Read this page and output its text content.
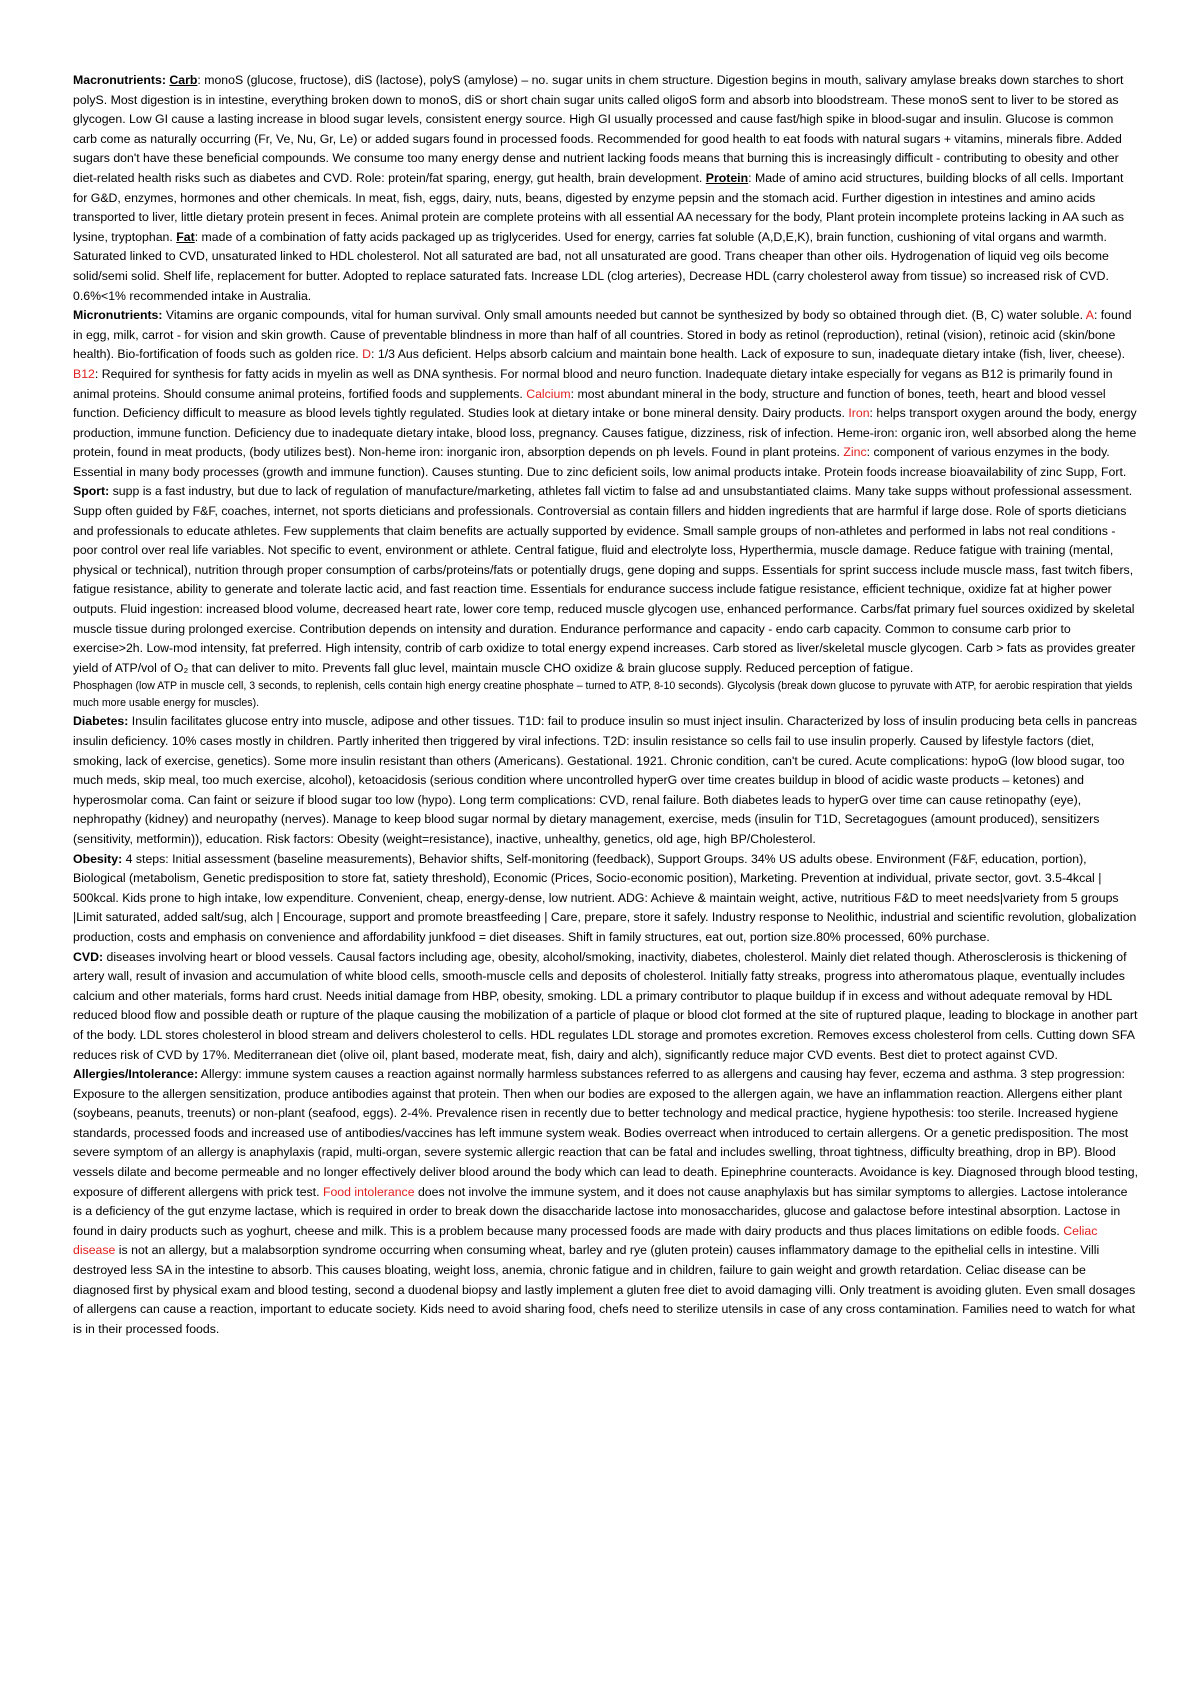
Macronutrients: Carb: monoS (glucose, fructose), diS (lactose), polyS (amylose) – no. sugar units in chem structure. Digestion begins in mouth, salivary amylase breaks down starches to short polyS. Most digestion is in intestine, everything broken down to monoS, diS or short chain sugar units called oligoS form and absorb into bloodstream. These monoS sent to liver to be stored as glycogen. Low GI cause a lasting increase in blood sugar levels, consistent energy source. High GI usually processed and cause fast/high spike in blood-sugar and insulin. Glucose is common carb come as naturally occurring (Fr, Ve, Nu, Gr, Le) or added sugars found in processed foods. Recommended for good health to eat foods with natural sugars + vitamins, minerals fibre. Added sugars don't have these beneficial compounds. We consume too many energy dense and nutrient lacking foods means that burning this is increasingly difficult - contributing to obesity and other diet-related health risks such as diabetes and CVD. Role: protein/fat sparing, energy, gut health, brain development. Protein: Made of amino acid structures, building blocks of all cells. Important for G&D, enzymes, hormones and other chemicals. In meat, fish, eggs, dairy, nuts, beans, digested by enzyme pepsin and the stomach acid. Further digestion in intestines and amino acids transported to liver, little dietary protein present in feces. Animal protein are complete proteins with all essential AA necessary for the body, Plant protein incomplete proteins lacking in AA such as lysine, tryptophan. Fat: made of a combination of fatty acids packaged up as triglycerides. Used for energy, carries fat soluble (A,D,E,K), brain function, cushioning of vital organs and warmth. Saturated linked to CVD, unsaturated linked to HDL cholesterol. Not all saturated are bad, not all unsaturated are good. Trans cheaper than other oils. Hydrogenation of liquid veg oils become solid/semi solid. Shelf life, replacement for butter. Adopted to replace saturated fats. Increase LDL (clog arteries), Decrease HDL (carry cholesterol away from tissue) so increased risk of CVD. 0.6%<1% recommended intake in Australia.

Micronutrients: Vitamins are organic compounds, vital for human survival. Only small amounts needed but cannot be synthesized by body so obtained through diet. (B, C) water soluble. A: found in egg, milk, carrot - for vision and skin growth. Cause of preventable blindness in more than half of all countries. Stored in body as retinol (reproduction), retinal (vision), retinoic acid (skin/bone health). Bio-fortification of foods such as golden rice. D: 1/3 Aus deficient. Helps absorb calcium and maintain bone health. Lack of exposure to sun, inadequate dietary intake (fish, liver, cheese). B12: Required for synthesis for fatty acids in myelin as well as DNA synthesis. For normal blood and neuro function. Inadequate dietary intake especially for vegans as B12 is primarily found in animal proteins. Should consume animal proteins, fortified foods and supplements. Calcium: most abundant mineral in the body, structure and function of bones, teeth, heart and blood vessel function. Deficiency difficult to measure as blood levels tightly regulated. Studies look at dietary intake or bone mineral density. Dairy products. Iron: helps transport oxygen around the body, energy production, immune function. Deficiency due to inadequate dietary intake, blood loss, pregnancy. Causes fatigue, dizziness, risk of infection. Heme-iron: organic iron, well absorbed along the heme protein, found in meat products, (body utilizes best). Non-heme iron: inorganic iron, absorption depends on ph levels. Found in plant proteins. Zinc: component of various enzymes in the body. Essential in many body processes (growth and immune function). Causes stunting. Due to zinc deficient soils, low animal products intake. Protein foods increase bioavailability of zinc Supp, Fort.

Sport: supp is a fast industry, but due to lack of regulation of manufacture/marketing, athletes fall victim to false ad and unsubstantiated claims. Many take supps without professional assessment. Supp often guided by F&F, coaches, internet, not sports dieticians and professionals. Controversial as contain fillers and hidden ingredients that are harmful if large dose. Role of sports dieticians and professionals to educate athletes. Few supplements that claim benefits are actually supported by evidence. Small sample groups of non-athletes and performed in labs not real conditions - poor control over real life variables. Not specific to event, environment or athlete. Central fatigue, fluid and electrolyte loss, Hyperthermia, muscle damage. Reduce fatigue with training (mental, physical or technical), nutrition through proper consumption of carbs/proteins/fats or potentially drugs, gene doping and supps. Essentials for sprint success include muscle mass, fast twitch fibers, fatigue resistance, ability to generate and tolerate lactic acid, and fast reaction time. Essentials for endurance success include fatigue resistance, efficient technique, oxidize fat at higher power outputs. Fluid ingestion: increased blood volume, decreased heart rate, lower core temp, reduced muscle glycogen use, enhanced performance. Carbs/fat primary fuel sources oxidized by skeletal muscle tissue during prolonged exercise. Contribution depends on intensity and duration. Endurance performance and capacity - endo carb capacity. Common to consume carb prior to exercise>2h. Low-mod intensity, fat preferred. High intensity, contrib of carb oxidize to total energy expend increases. Carb stored as liver/skeletal muscle glycogen. Carb > fats as provides greater yield of ATP/vol of O₂ that can deliver to mito. Prevents fall gluc level, maintain muscle CHO oxidize & brain glucose supply. Reduced perception of fatigue.

Phosphagen (low ATP in muscle cell, 3 seconds, to replenish, cells contain high energy creatine phosphate – turned to ATP, 8-10 seconds). Glycolysis (break down glucose to pyruvate with ATP, for aerobic respiration that yields much more usable energy for muscles).

Diabetes: Insulin facilitates glucose entry into muscle, adipose and other tissues. T1D: fail to produce insulin so must inject insulin. Characterized by loss of insulin producing beta cells in pancreas insulin deficiency. 10% cases mostly in children. Partly inherited then triggered by viral infections. T2D: insulin resistance so cells fail to use insulin properly. Caused by lifestyle factors (diet, smoking, lack of exercise, genetics). Some more insulin resistant than others (Americans). Gestational. 1921. Chronic condition, can't be cured. Acute complications: hypoG (low blood sugar, too much meds, skip meal, too much exercise, alcohol), ketoacidosis (serious condition where uncontrolled hyperG over time creates buildup in blood of acidic waste products – ketones) and hyperosmolar coma. Can faint or seizure if blood sugar too low (hypo). Long term complications: CVD, renal failure. Both diabetes leads to hyperG over time can cause retinopathy (eye), nephropathy (kidney) and neuropathy (nerves). Manage to keep blood sugar normal by dietary management, exercise, meds (insulin for T1D, Secretagogues (amount produced), sensitizers (sensitivity, metformin)), education. Risk factors: Obesity (weight=resistance), inactive, unhealthy, genetics, old age, high BP/Cholesterol.

Obesity: 4 steps: Initial assessment (baseline measurements), Behavior shifts, Self-monitoring (feedback), Support Groups. 34% US adults obese. Environment (F&F, education, portion), Biological (metabolism, Genetic predisposition to store fat, satiety threshold), Economic (Prices, Socio-economic position), Marketing. Prevention at individual, private sector, govt. 3.5-4kcal | 500kcal. Kids prone to high intake, low expenditure. Convenient, cheap, energy-dense, low nutrient. ADG: Achieve & maintain weight, active, nutritious F&D to meet needs|variety from 5 groups |Limit saturated, added salt/sug, alch | Encourage, support and promote breastfeeding | Care, prepare, store it safely. Industry response to Neolithic, industrial and scientific revolution, globalization production, costs and emphasis on convenience and affordability junkfood = diet diseases. Shift in family structures, eat out, portion size.80% processed, 60% purchase.

CVD: diseases involving heart or blood vessels. Causal factors including age, obesity, alcohol/smoking, inactivity, diabetes, cholesterol. Mainly diet related though. Atherosclerosis is thickening of artery wall, result of invasion and accumulation of white blood cells, smooth-muscle cells and deposits of cholesterol. Initially fatty streaks, progress into atheromatous plaque, eventually includes calcium and other materials, forms hard crust. Needs initial damage from HBP, obesity, smoking. LDL a primary contributor to plaque buildup if in excess and without adequate removal by HDL reduced blood flow and possible death or rupture of the plaque causing the mobilization of a particle of plaque or blood clot formed at the site of ruptured plaque, leading to blockage in another part of the body. LDL stores cholesterol in blood stream and delivers cholesterol to cells. HDL regulates LDL storage and promotes excretion. Removes excess cholesterol from cells. Cutting down SFA reduces risk of CVD by 17%. Mediterranean diet (olive oil, plant based, moderate meat, fish, dairy and alch), significantly reduce major CVD events. Best diet to protect against CVD.

Allergies/Intolerance: Allergy: immune system causes a reaction against normally harmless substances referred to as allergens and causing hay fever, eczema and asthma. 3 step progression: Exposure to the allergen sensitization, produce antibodies against that protein. Then when our bodies are exposed to the allergen again, we have an inflammation reaction. Allergens either plant (soybeans, peanuts, treenuts) or non-plant (seafood, eggs). 2-4%. Prevalence risen in recently due to better technology and medical practice, hygiene hypothesis: too sterile. Increased hygiene standards, processed foods and increased use of antibodies/vaccines has left immune system weak. Bodies overreact when introduced to certain allergens. Or a genetic predisposition. The most severe symptom of an allergy is anaphylaxis (rapid, multi-organ, severe systemic allergic reaction that can be fatal and includes swelling, throat tightness, difficulty breathing, drop in BP). Blood vessels dilate and become permeable and no longer effectively deliver blood around the body which can lead to death. Epinephrine counteracts. Avoidance is key. Diagnosed through blood testing, exposure of different allergens with prick test. Food intolerance does not involve the immune system, and it does not cause anaphylaxis but has similar symptoms to allergies. Lactose intolerance is a deficiency of the gut enzyme lactase, which is required in order to break down the disaccharide lactose into monosaccharides, glucose and galactose before intestinal absorption. Lactose in found in dairy products such as yoghurt, cheese and milk. This is a problem because many processed foods are made with dairy products and thus places limitations on edible foods. Celiac disease is not an allergy, but a malabsorption syndrome occurring when consuming wheat, barley and rye (gluten protein) causes inflammatory damage to the epithelial cells in intestine. Villi destroyed less SA in the intestine to absorb. This causes bloating, weight loss, anemia, chronic fatigue and in children, failure to gain weight and growth retardation. Celiac disease can be diagnosed first by physical exam and blood testing, second a duodenal biopsy and lastly implement a gluten free diet to avoid damaging villi. Only treatment is avoiding gluten. Even small dosages of allergens can cause a reaction, important to educate society. Kids need to avoid sharing food, chefs need to sterilize utensils in case of any cross contamination. Families need to watch for what is in their processed foods.
